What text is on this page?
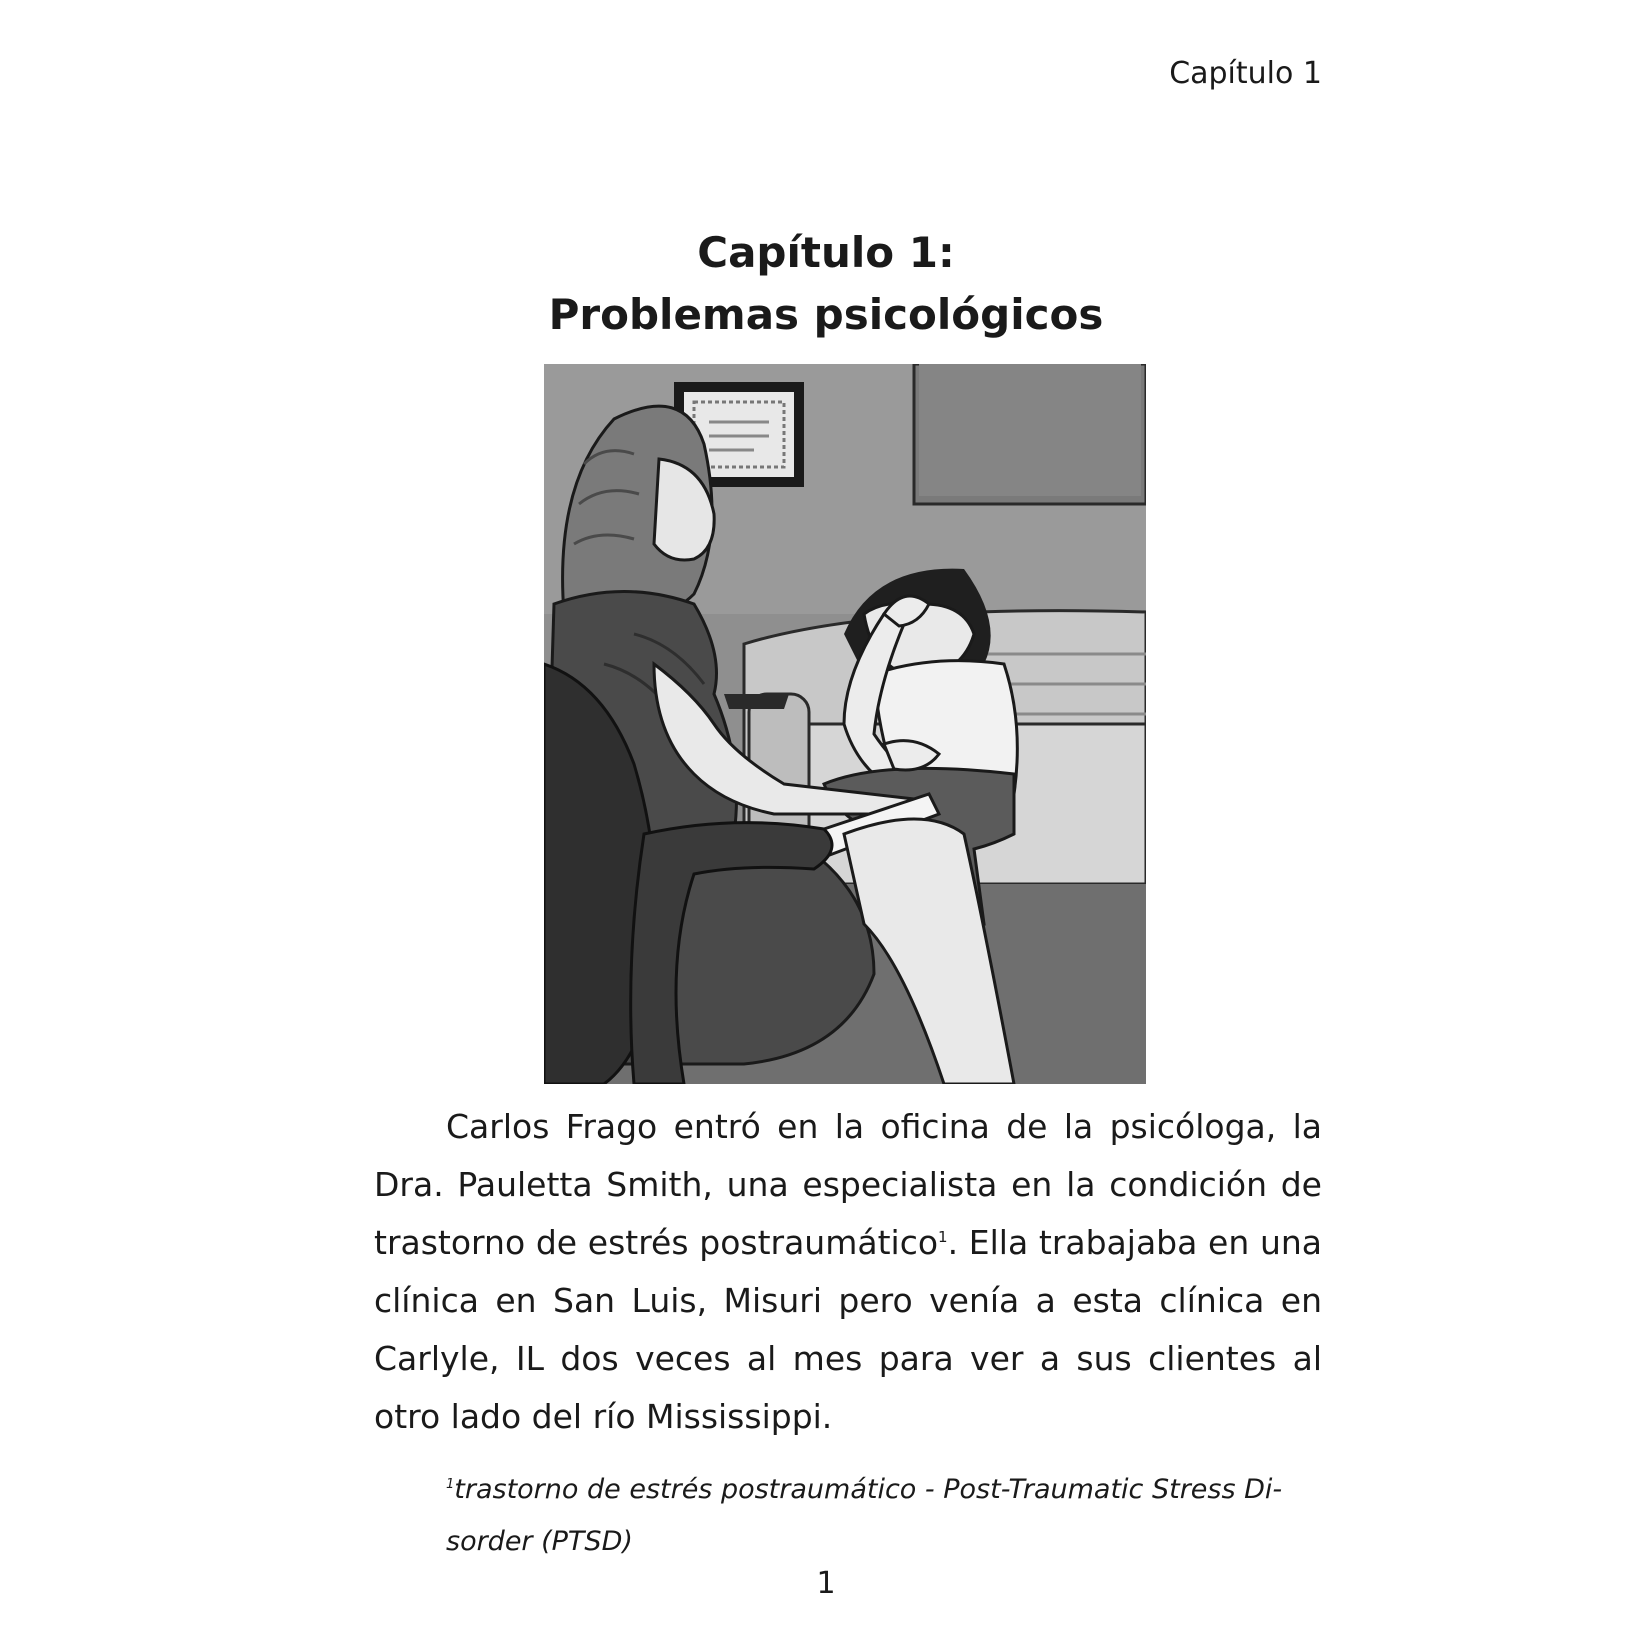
Capítulo 1
Capítulo 1:
Problemas psicológicos
Carlos Frago entró en la oficina de la psicóloga, la Dra. Pauletta Smith, una especialista en la condición de trastorno de estrés postraumático$^1$. Ella trabajaba en una clínica en San Luis, Misuri pero venía a esta clínica en Carlyle, IL dos veces al mes para ver a sus clientes al otro lado del río Mississippi.
$^1$trastorno de estrés postraumático - Post-Traumatic Stress Di-
sorder (PTSD)
1
